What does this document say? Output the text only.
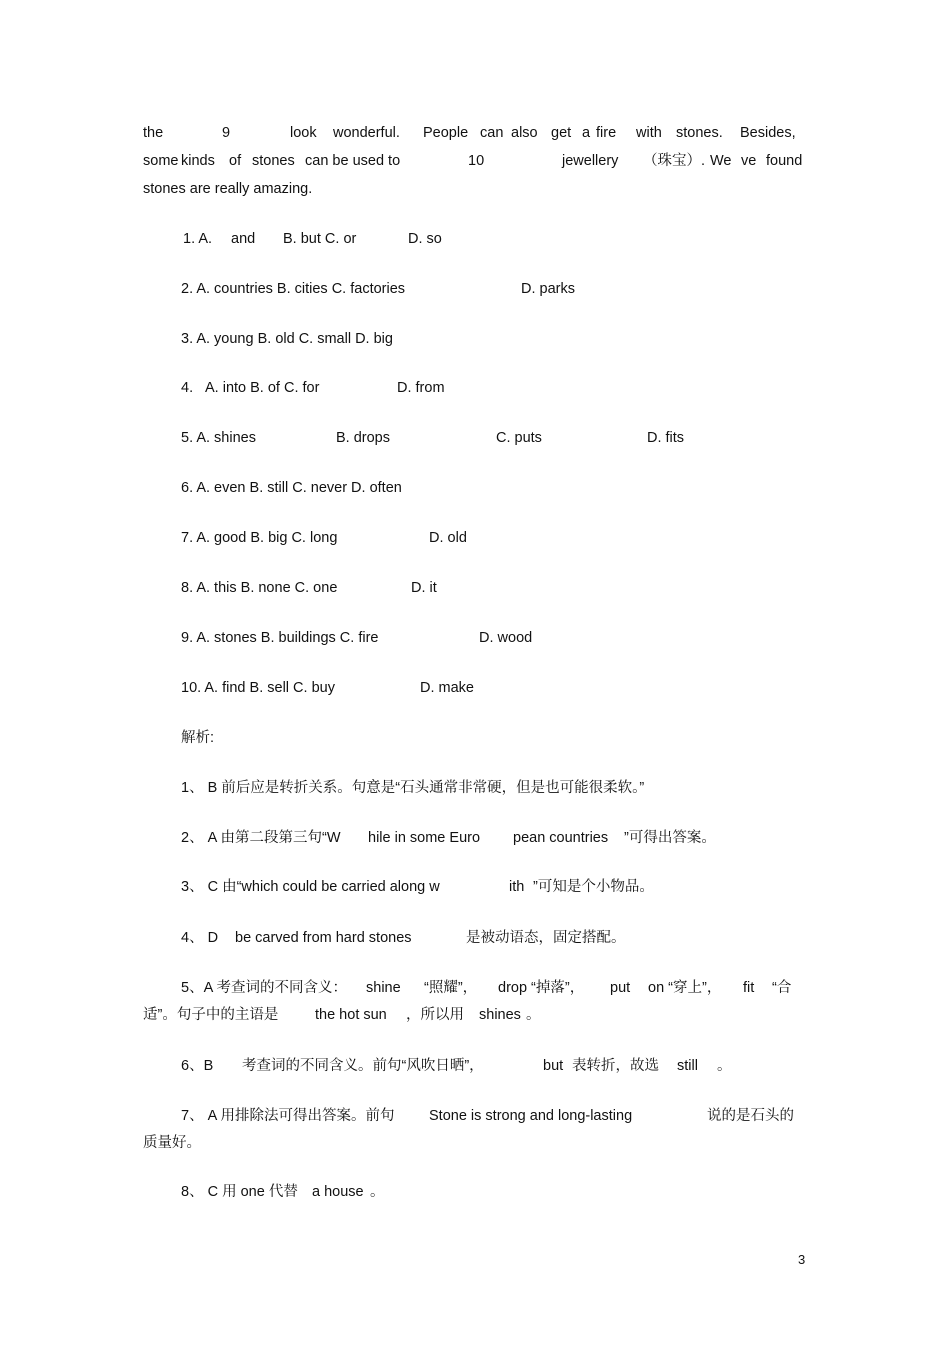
the	9	look wonderful. People can also get a fire with stones. Besides,
some kinds of stones can be used to	10	jewellery （珠宝）. We ve found
stones are really amazing.
1. A. and B. but C. or	D. so
2. A. countries B. cities C. factories	D. parks
3. A. young B. old C. small D. big
4. A. into B. of C. for	D. from
5. A. shines	B. drops	C. puts	D. fits
6. A. even B. still C. never D. often
7. A. good B. big C. long	D. old
8. A. this B. none C. one	D. it
9. A. stones B. buildings C. fire	D. wood
10. A. find B. sell C. buy	D. make
解析:
1、 B 前后应是转折关系。句意是“石头通常非常硬，但是也可能很柔软。”
2、 A 由第二段第三句“W hile in some Euro pean countries ”可得出答案。
3、 C 由“which could be carried along w	ith ”可知是个小物品。
4、 D be carved from hard stones	是被动语态，固定搭配。
5、A 考查词的不同含义： shine “照耀”， drop “掉落”， put on “穿上”， fit “合
适”。句子中的主语是	the hot sun ，所以用 shines 。
6、B 考查词的不同含义。前句“风吹日晒”，	but 表转折，故选 still 。
7、 A 用排除法可得出答案。前句 Stone is strong and long-lasting	说的是石头的
质量好。
8、 C 用 one 代替 a house 。
3
